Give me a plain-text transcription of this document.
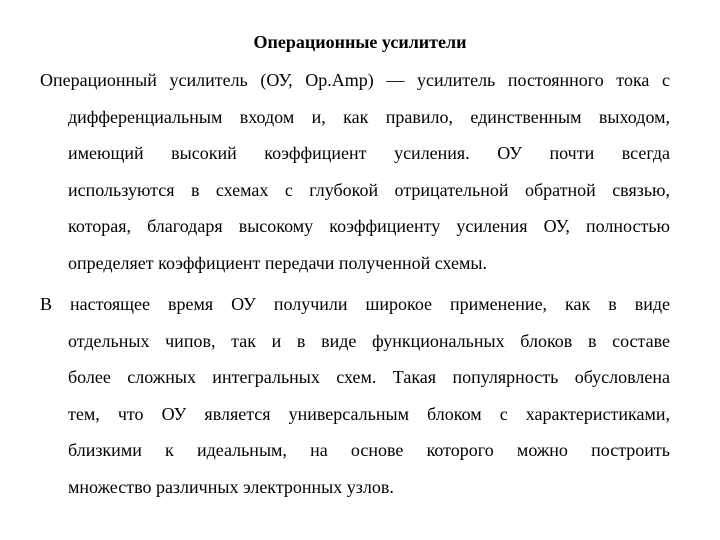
Операционные усилители
Операционный усилитель (ОУ, Op.Amp) — усилитель постоянного тока с
дифференциальным входом и, как правило, единственным выходом,
имеющий высокий коэффициент усиления. ОУ почти всегда
используются в схемах с глубокой отрицательной обратной связью,
которая, благодаря высокому коэффициенту усиления ОУ, полностью
определяет коэффициент передачи полученной схемы.
В настоящее время ОУ получили широкое применение, как в виде
отдельных чипов, так и в виде функциональных блоков в составе
более сложных интегральных схем. Такая популярность обусловлена
тем, что ОУ является универсальным блоком с характеристиками,
близкими к идеальным, на основе которого можно построить
множество различных электронных узлов.
